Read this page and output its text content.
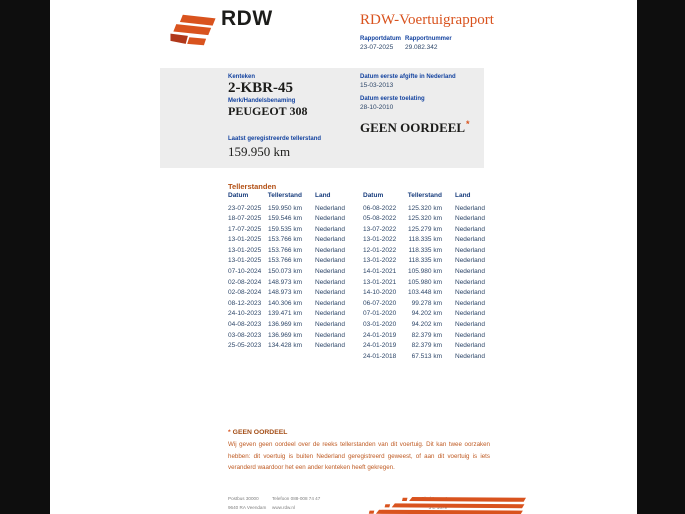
RDW	RDW-Voertuigrapport
Rapportdatum
23-07-2025
Rapportnummer
29.082.342
Kenteken
2-KBR-45
Merk/Handelsbenaming
PEUGEOT 308
Datum eerste afgifte in Nederland
15-03-2013
Datum eerste toelating
28-10-2010
GEEN OORDEEL *
Laatst geregistreerde tellerstand
159.950 km
Tellerstanden
Datum	Tellerstand Land
23-07-2025	159.950 km Nederland
18-07-2025	159.546 km Nederland
17-07-2025	159.535 km Nederland
13-01-2025	153.766 km Nederland
13-01-2025	153.766 km Nederland
13-01-2025	153.766 km Nederland
07-10-2024	150.073 km Nederland
02-08-2024	148.973 km Nederland
02-08-2024	148.973 km Nederland
08-12-2023	140.306 km Nederland
24-10-2023	139.471 km Nederland
04-08-2023	136.969 km Nederland
03-08-2023	136.969 km Nederland
25-05-2023	134.428 km Nederland
Datum	Tellerstand Land
06-08-2022	125.320 km Nederland
05-08-2022	125.320 km Nederland
13-07-2022	125.279 km Nederland
13-01-2022	118.335 km Nederland
12-01-2022	118.335 km Nederland
13-01-2022	118.335 km Nederland
14-01-2021	105.980 km Nederland
13-01-2021	105.980 km Nederland
14-10-2020	103.448 km Nederland
06-07-2020	99.278 km Nederland
07-01-2020	94.202 km Nederland
03-01-2020	94.202 km Nederland
24-01-2019	82.379 km Nederland
24-01-2019	82.379 km Nederland
24-01-2018	67.513 km Nederland
* GEEN OORDEEL
Wij geven geen oordeel over de reeks tellerstanden van dit voertuig. Dit kan twee oorzaken hebben: dit voertuig is buiten Nederland geregistreerd geweest, of aan dit voertuig is iets veranderd waardoor het een ander kenteken heeft gekregen.
Postbus 30000
9640 RA Veendam
Telefoon 088-008 74 47
www.rdw.nl
